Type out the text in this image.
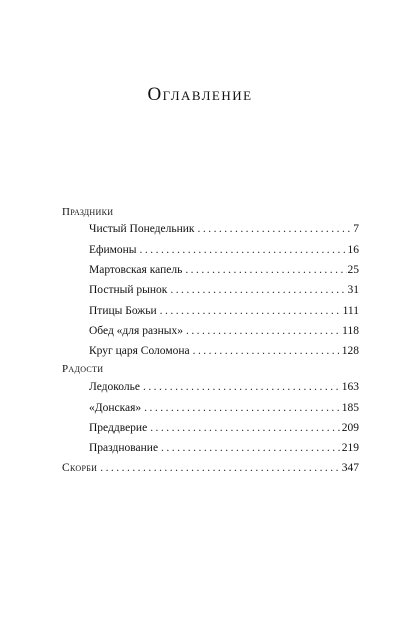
Оглавление
Праздники
Чистый Понедельник . . .	7
Ефимоны . . .	16
Мартовская капель . . .	25
Постный рынок . . .	31
Птицы Божьи . . .	111
Обед «для разных» . . .	118
Круг царя Соломона . . .	128
Радости
Ледоколье . . .	163
«Донская» . . .	185
Преддверие . . .	209
Празднование . . .	219
Скорби . . .	347
